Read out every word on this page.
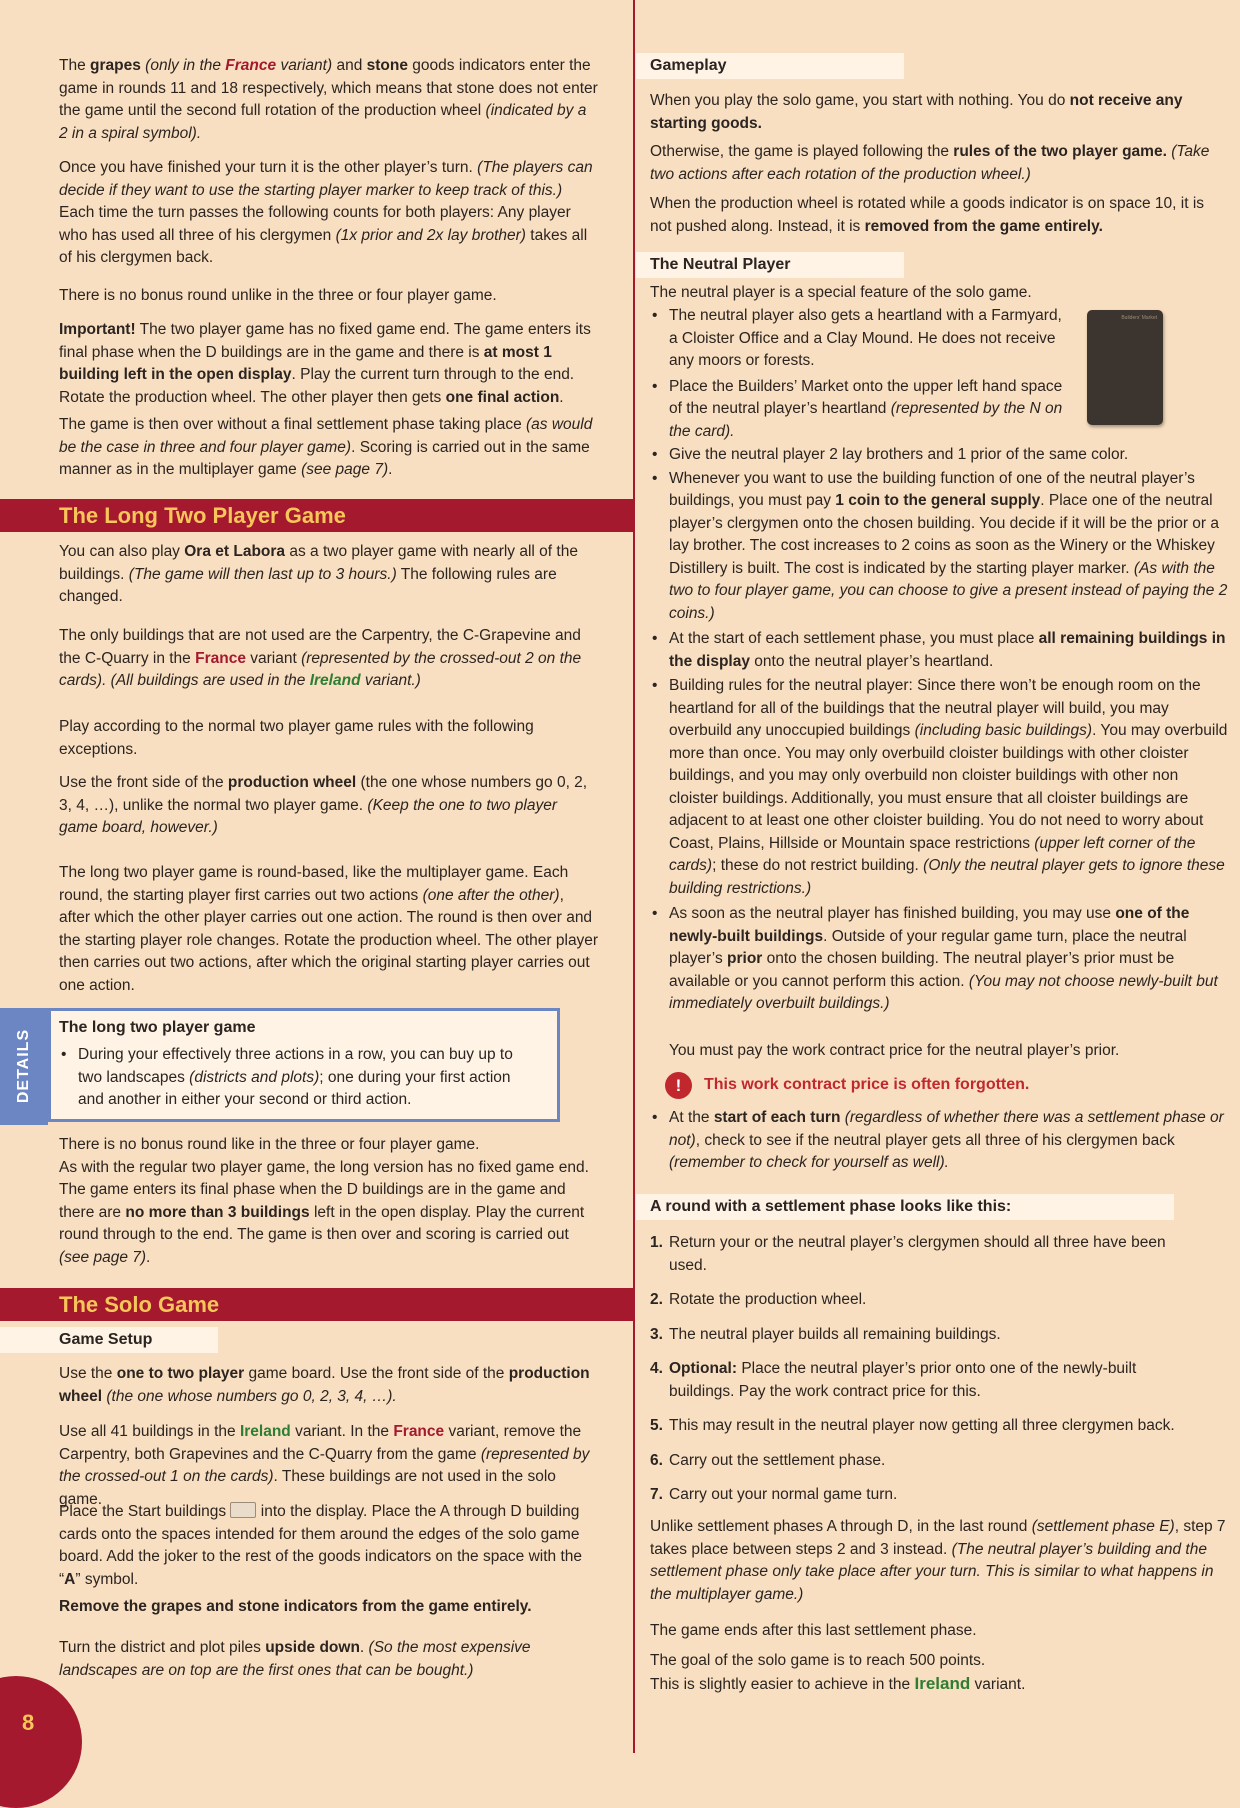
The grapes (only in the France variant) and stone goods indicators enter the game in rounds 11 and 18 respectively, which means that stone does not enter the game until the second full rotation of the production wheel (indicated by a 2 in a spiral symbol).

Once you have finished your turn it is the other player’s turn. (The players can decide if they want to use the starting player marker to keep track of this.) Each time the turn passes the following counts for both players: Any player who has used all three of his clergymen (1x prior and 2x lay brother) takes all of his clergymen back.

There is no bonus round unlike in the three or four player game.

Important! The two player game has no fixed game end. The game enters its final phase when the D buildings are in the game and there is at most 1 building left in the open display. Play the current turn through to the end. Rotate the production wheel. The other player then gets one final action.

The game is then over without a final settlement phase taking place (as would be the case in three and four player game). Scoring is carried out in the same manner as in the multiplayer game (see page 7).

The Long Two Player Game

You can also play Ora et Labora as a two player game with nearly all of the buildings. (The game will then last up to 3 hours.) The following rules are changed.

The only buildings that are not used are the Carpentry, the C-Grapevine and the C-Quarry in the France variant (represented by the crossed-out 2 on the cards). (All buildings are used in the Ireland variant.)

Play according to the normal two player game rules with the following exceptions.

Use the front side of the production wheel (the one whose numbers go 0, 2, 3, 4, …), unlike the normal two player game. (Keep the one to two player game board, however.)

The long two player game is round-based, like the multiplayer game. Each round, the starting player first carries out two actions (one after the other), after which the other player carries out one action. The round is then over and the starting player role changes. Rotate the production wheel. The other player then carries out two actions, after which the original starting player carries out one action.

DETAILS

The long two player game

• During your effectively three actions in a row, you can buy up to two landscapes (districts and plots); one during your first action and another in either your second or third action.

There is no bonus round like in the three or four player game.
As with the regular two player game, the long version has no fixed game end. The game enters its final phase when the D buildings are in the game and there are no more than 3 buildings left in the open display. Play the current round through to the end. The game is then over and scoring is carried out (see page 7).

The Solo Game
Game Setup

Use the one to two player game board. Use the front side of the production wheel (the one whose numbers go 0, 2, 3, 4, …).

Use all 41 buildings in the Ireland variant. In the France variant, remove the Carpentry, both Grapevines and the C-Quarry from the game (represented by the crossed-out 1 on the cards). These buildings are not used in the solo game.

Place the Start buildings  into the display. Place the A through D building cards onto the spaces intended for them around the edges of the solo game board. Add the joker to the rest of the goods indicators on the space with the “A” symbol.

Remove the grapes and stone indicators from the game entirely.

Turn the district and plot piles upside down. (So the most expensive landscapes are on top are the first ones that can be bought.)

8
Gameplay

When you play the solo game, you start with nothing. You do not receive any starting goods.

Otherwise, the game is played following the rules of the two player game. (Take two actions after each rotation of the production wheel.)

When the production wheel is rotated while a goods indicator is on space 10, it is not pushed along. Instead, it is removed from the game entirely.

The Neutral Player

The neutral player is a special feature of the solo game.

Builders’ Market
• The neutral player also gets a heartland with a Farmyard, a Cloister Office and a Clay Mound. He does not receive any moors or forests.
• Place the Builders’ Market onto the upper left hand space of the neutral player’s heartland (represented by the N on the card).
• Give the neutral player 2 lay brothers and 1 prior of the same color.
• Whenever you want to use the building function of one of the neutral player’s buildings, you must pay 1 coin to the general supply. Place one of the neutral player’s clergymen onto the chosen building. You decide if it will be the prior or a lay brother. The cost increases to 2 coins as soon as the Winery or the Whiskey Distillery is built. The cost is indicated by the starting player marker. (As with the two to four player game, you can choose to give a present instead of paying the 2 coins.)
• At the start of each settlement phase, you must place all remaining buildings in the display onto the neutral player’s heartland.
• Building rules for the neutral player: Since there won’t be enough room on the heartland for all of the buildings that the neutral player will build, you may overbuild any unoccupied buildings (including basic buildings). You may overbuild more than once. You may only overbuild cloister buildings with other cloister buildings, and you may only overbuild non cloister buildings with other non cloister buildings. Additionally, you must ensure that all cloister buildings are adjacent to at least one other cloister building. You do not need to worry about Coast, Plains, Hillside or Mountain space restrictions (upper left corner of the cards); these do not restrict building. (Only the neutral player gets to ignore these building restrictions.)
• As soon as the neutral player has finished building, you may use one of the newly-built buildings. Outside of your regular game turn, place the neutral player’s prior onto the chosen building. The neutral player’s prior must be available or you cannot perform this action. (You may not choose newly-built but immediately overbuilt buildings.)

You must pay the work contract price for the neutral player’s prior.

!	This work contract price is often forgotten.

• At the start of each turn (regardless of whether there was a settlement phase or not), check to see if the neutral player gets all three of his clergymen back (remember to check for yourself as well).
A round with a settlement phase looks like this:
1. Return your or the neutral player’s clergymen should all three have been used.
2. Rotate the production wheel.
3. The neutral player builds all remaining buildings.
4. Optional: Place the neutral player’s prior onto one of the newly-built buildings. Pay the work contract price for this.
5. This may result in the neutral player now getting all three clergymen back.
6. Carry out the settlement phase.
7. Carry out your normal game turn.

Unlike settlement phases A through D, in the last round (settlement phase E), step 7 takes place between steps 2 and 3 instead. (The neutral player’s building and the settlement phase only take place after your turn. This is similar to what happens in the multiplayer game.)

The game ends after this last settlement phase.

The goal of the solo game is to reach 500 points.
This is slightly easier to achieve in the Ireland variant.
